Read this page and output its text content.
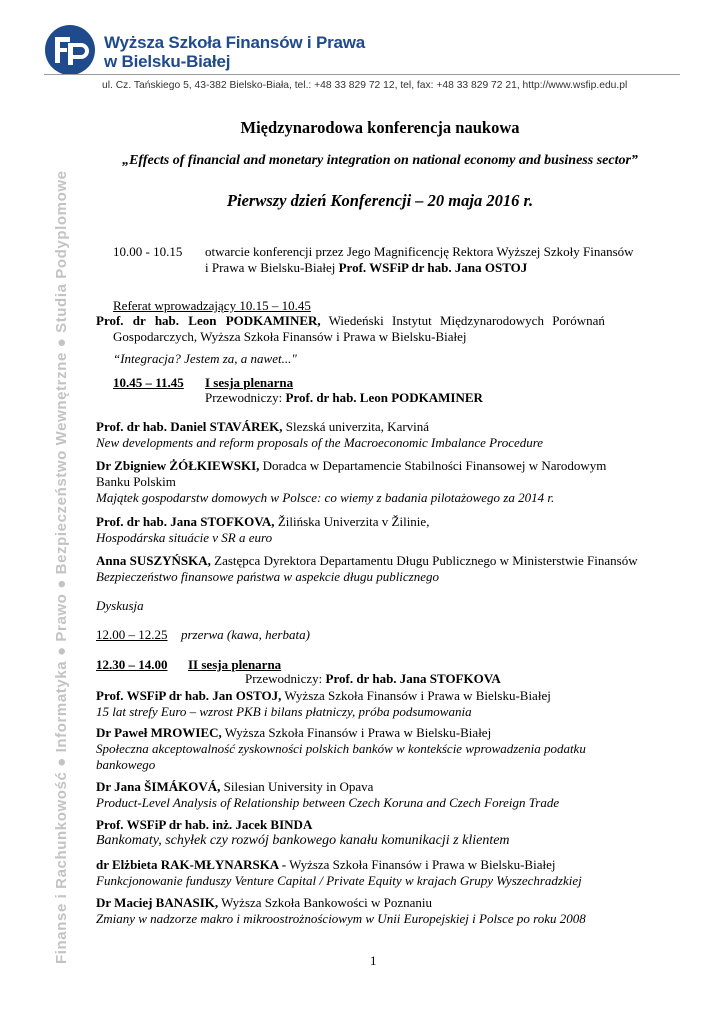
Wyższa Szkoła Finansów i Prawa
w Bielsku-Białej
ul. Cz. Tańskiego 5, 43-382 Bielsko-Biała, tel.: +48 33 829 72 12, tel, fax: +48 33 829 72 21, http://www.wsfip.edu.pl
Finanse i Rachunkowość ● Informatyka ● Prawo ● Bezpieczeństwo Wewnętrzne ● Studia Podyplomowe
Międzynarodowa konferencja naukowa
„Effects of financial and monetary integration on national economy and business sector”
Pierwszy dzień Konferencji – 20 maja 2016 r.
10.00 - 10.15 otwarcie konferencji przez Jego Magnificencję Rektora Wyższej Szkoły Finansów
i Prawa w Bielsku-Białej Prof. WSFiP dr hab. Jana OSTOJ
Referat wprowadzający 10.15 – 10.45
Prof. dr hab. Leon PODKAMINER, Wiedeński Instytut Międzynarodowych Porównań
Gospodarczych, Wyższa Szkoła Finansów i Prawa w Bielsku-Białej
“Integracja? Jestem za, a nawet..."
10.45 – 11.45 I sesja plenarna
Przewodniczy: Prof. dr hab. Leon PODKAMINER
Prof. dr hab. Daniel STAVÁREK, Slezská univerzita, Karviná
New developments and reform proposals of the Macroeconomic Imbalance Procedure
Dr Zbigniew ŻÓŁKIEWSKI, Doradca w Departamencie Stabilności Finansowej w Narodowym
Banku Polskim
Majątek gospodarstw domowych w Polsce: co wiemy z badania pilotażowego za 2014 r.
Prof. dr hab. Jana STOFKOVA, Žilińska Univerzita v Žilinie,
Hospodárska situácie v SR a euro
Anna SUSZYŃSKA, Zastępca Dyrektora Departamentu Długu Publicznego w Ministerstwie Finansów
Bezpieczeństwo finansowe państwa w aspekcie długu publicznego
Dyskusja
12.00 – 12.25 przerwa (kawa, herbata)
12.30 – 14.00 II sesja plenarna
Przewodniczy: Prof. dr hab. Jana STOFKOVA
Prof. WSFiP dr hab. Jan OSTOJ, Wyższa Szkoła Finansów i Prawa w Bielsku-Białej
15 lat strefy Euro – wzrost PKB i bilans płatniczy, próba podsumowania
Dr Paweł MROWIEC, Wyższa Szkoła Finansów i Prawa w Bielsku-Białej
Społeczna akceptowalność zyskowności polskich banków w kontekście wprowadzenia podatku
bankowego
Dr Jana ŠIMÁKOVÁ, Silesian University in Opava
Product-Level Analysis of Relationship between Czech Koruna and Czech Foreign Trade
Prof. WSFiP dr hab. inż. Jacek BINDA
Bankomaty, schyłek czy rozwój bankowego kanału komunikacji z klientem
dr Elżbieta RAK-MŁYNARSKA - Wyższa Szkoła Finansów i Prawa w Bielsku-Białej
Funkcjonowanie funduszy Venture Capital / Private Equity w krajach Grupy Wyszechradzkiej
Dr Maciej BANASIK, Wyższa Szkoła Bankowości w Poznaniu
Zmiany w nadzorze makro i mikroostrożnościowym w Unii Europejskiej i Polsce po roku 2008
1
